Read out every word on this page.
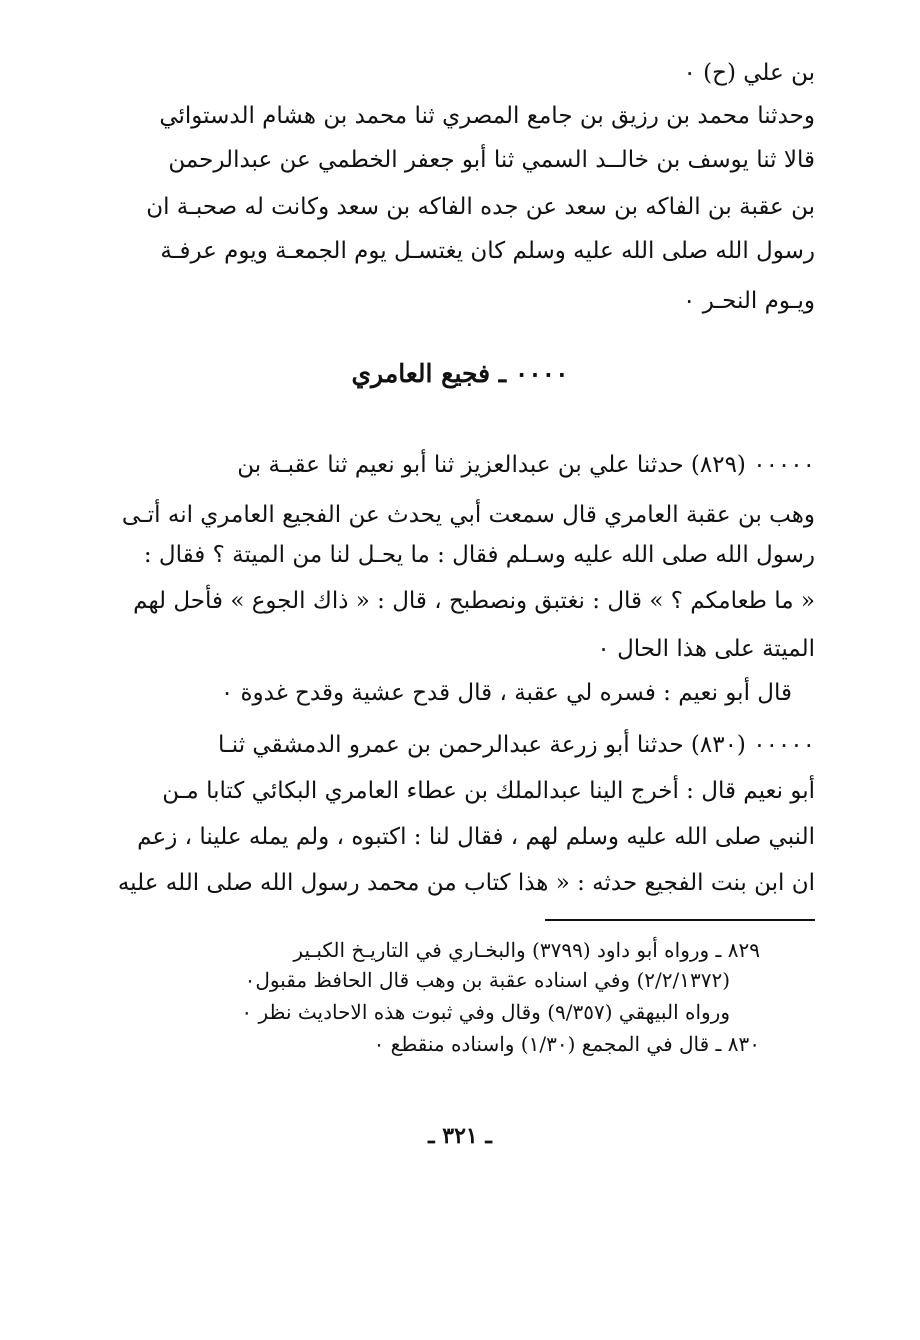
بن علي (ح) ٠
وحدثنا محمد بن رزيق بن جامع المصري ثنا محمد بن هشام الدستوائي
قالا ثنا يوسف بن خالــد السمي ثنا أبو جعفر الخطمي عن عبدالرحمن
بن عقبة بن الفاكه بن سعد عن جده الفاكه بن سعد وكانت له صحبـة ان
رسول الله صلى الله عليه وسلم كان يغتسـل يوم الجمعـة ويوم عرفـة
ويـوم النحـر ٠
٠٠٠٠ ـ فجيع العامري
٠٠٠٠٠ (٨٢٩) حدثنا علي بن عبدالعزيز ثنا أبو نعيم ثنا عقبـة بن
وهب بن عقبة العامري قال سمعت أبي يحدث عن الفجيع العامري انه أتـى
رسول الله صلى الله عليه وسـلم فقال : ما يحـل لنا من الميتة ؟ فقال :
« ما طعامكم ؟ » قال : نغتبق ونصطبح ، قال : « ذاك الجوع » فأحل لهم
الميتة على هذا الحال ٠
قال أبو نعيم : فسره لي عقبة ، قال قدح عشية وقدح غدوة ٠
٠٠٠٠٠ (٨٣٠) حدثنا أبو زرعة عبدالرحمن بن عمرو الدمشقي ثنـا
أبو نعيم قال : أخرج الينا عبدالملك بن عطاء العامري البكائي كتابا مـن
النبي صلى الله عليه وسلم لهم ، فقال لنا : اكتبوه ، ولم يمله علينا ، زعم
ان ابن بنت الفجيع حدثه : « هذا كتاب من محمد رسول الله صلى الله عليه
٨٢٩ ـ ورواه أبو داود (٣٧٩٩) والبخـاري في التاريـخ الكبـير
(٢/٢/١٣٧٢) وفي اسناده عقبة بن وهب قال الحافظ مقبول٠
ورواه البيهقي (٩/٣٥٧) وقال وفي ثبوت هذه الاحاديث نظر ٠
٨٣٠ ـ قال في المجمع (١/٣٠) واسناده منقطع ٠
ـ ٣٢١ ـ
